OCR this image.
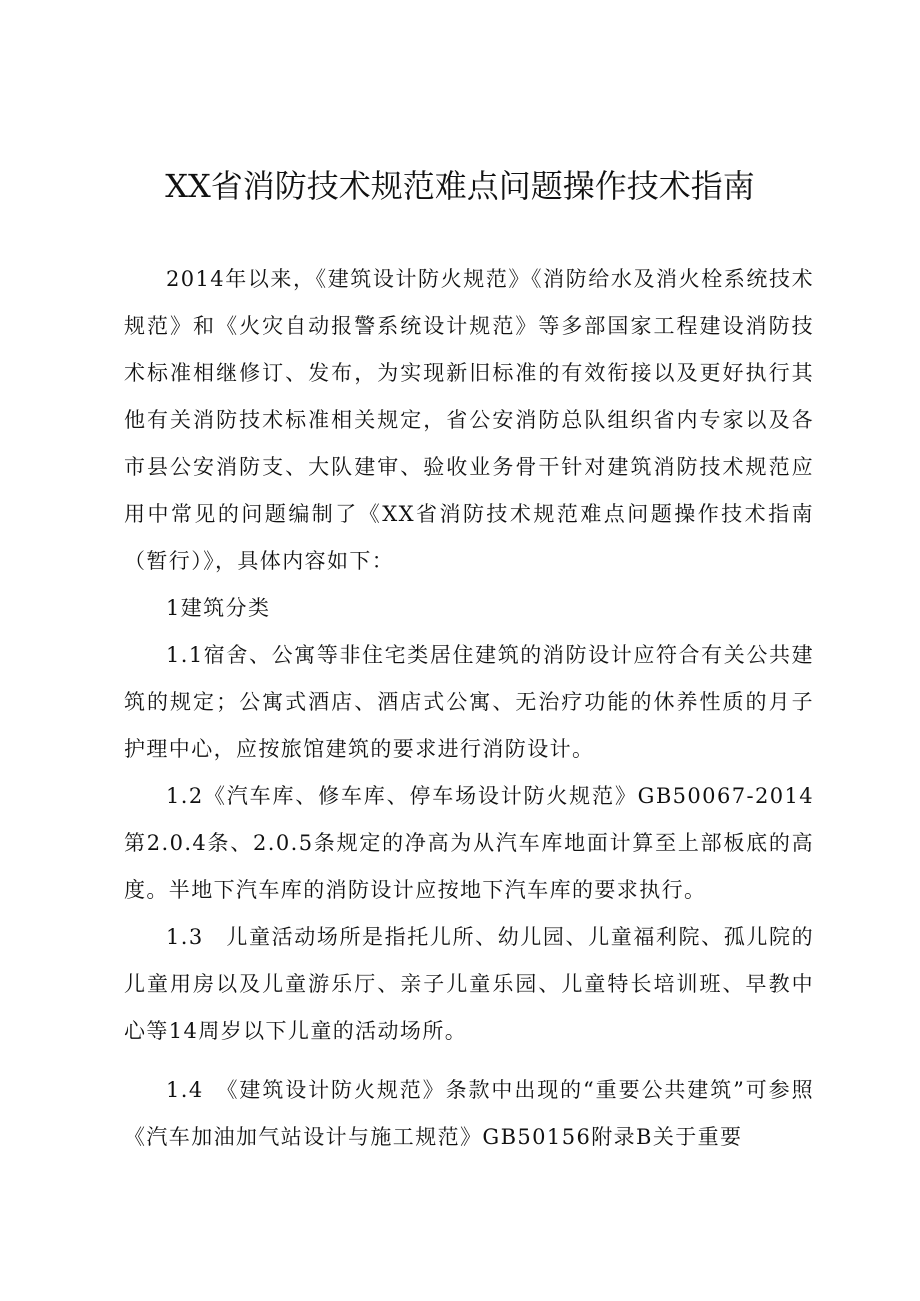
XX省消防技术规范难点问题操作技术指南

2014年以来，《建筑设计防火规范》《消防给水及消火栓系统技术规范》和《火灾自动报警系统设计规范》等多部国家工程建设消防技术标准相继修订、发布，为实现新旧标准的有效衔接以及更好执行其他有关消防技术标准相关规定，省公安消防总队组织省内专家以及各市县公安消防支、大队建审、验收业务骨干针对建筑消防技术规范应用中常见的问题编制了《XX省消防技术规范难点问题操作技术指南（暂行）》，具体内容如下：

1建筑分类

1.1宿舍、公寓等非住宅类居住建筑的消防设计应符合有关公共建筑的规定；公寓式酒店、酒店式公寓、无治疗功能的休养性质的月子护理中心，应按旅馆建筑的要求进行消防设计。

1.2《汽车库、修车库、停车场设计防火规范》GB50067-2014第2.0.4条、2.0.5条规定的净高为从汽车库地面计算至上部板底的高度。半地下汽车库的消防设计应按地下汽车库的要求执行。

1.3　儿童活动场所是指托儿所、幼儿园、儿童福利院、孤儿院的儿童用房以及儿童游乐厅、亲子儿童乐园、儿童特长培训班、早教中心等14周岁以下儿童的活动场所。

1.4　《建筑设计防火规范》条款中出现的“重要公共建筑”可参照《汽车加油加气站设计与施工规范》GB50156附录B关于重要
